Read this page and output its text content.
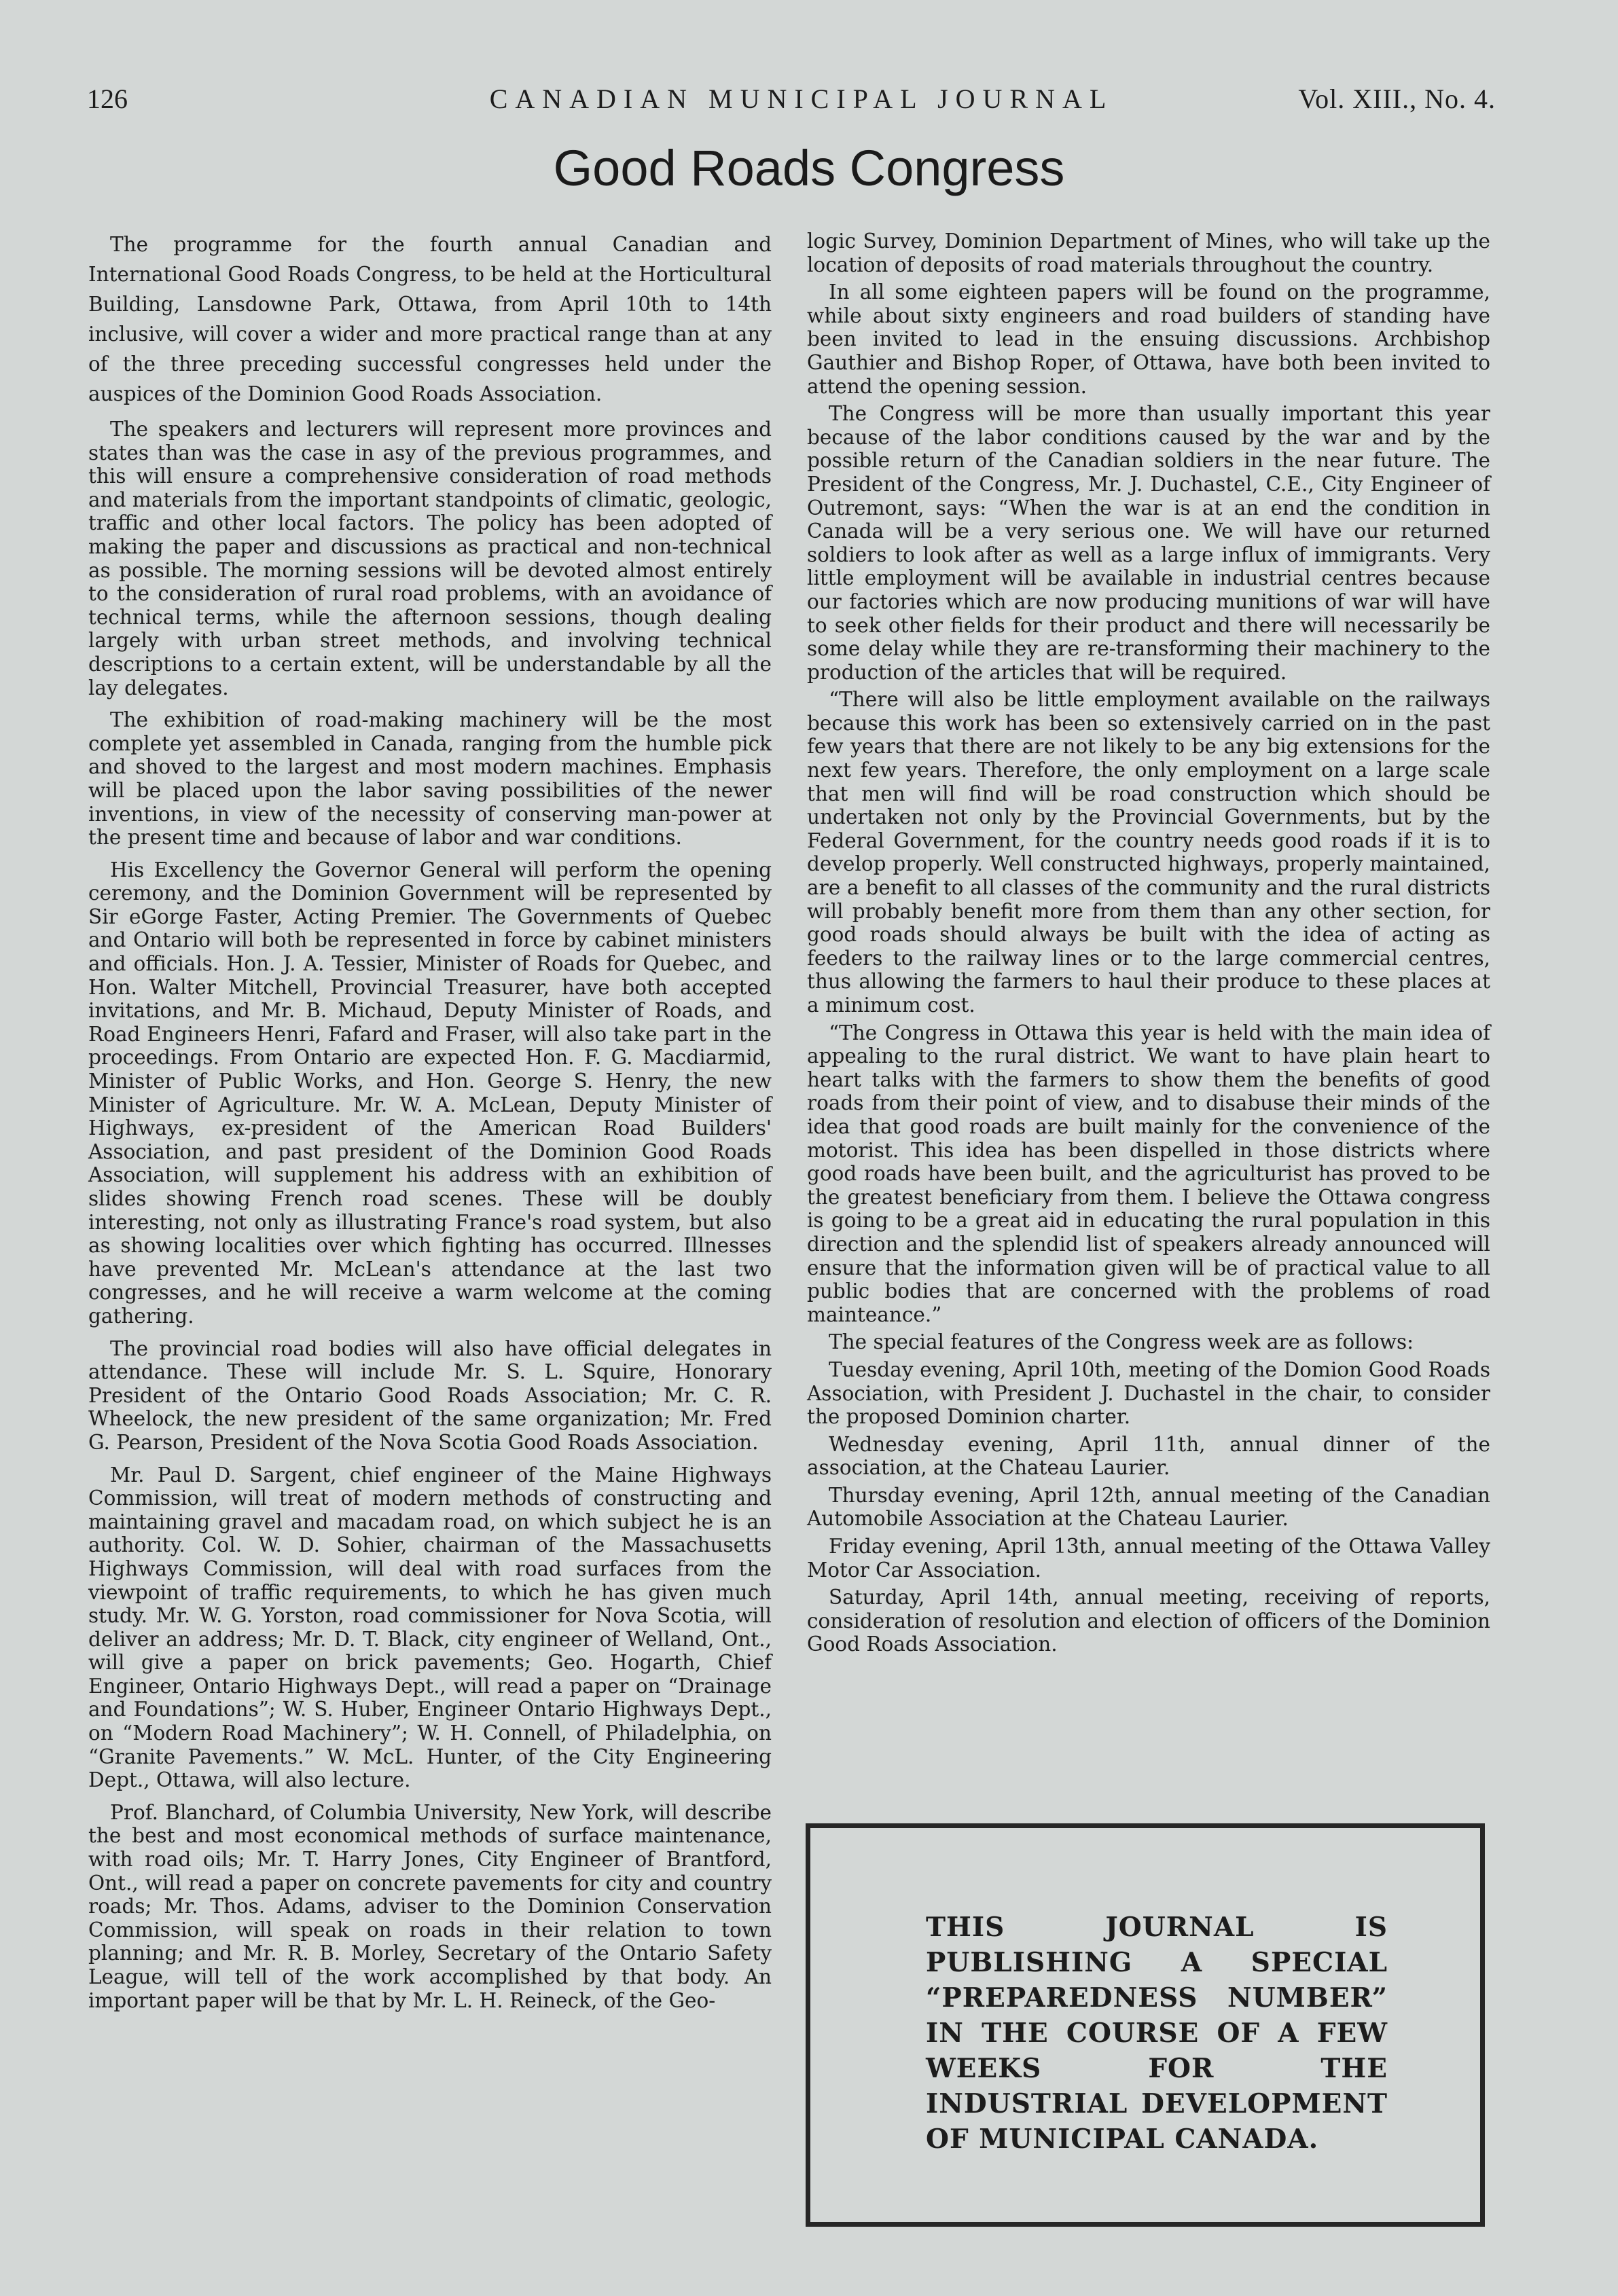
126	CANADIAN MUNICIPAL JOURNAL	Vol. XIII., No. 4.
Good Roads Congress

The programme for the fourth annual Canadian and International Good Roads Congress, to be held at the Horticultural Building, Lansdowne Park, Ottawa, from April 10th to 14th inclusive, will cover a wider and more practical range than at any of the three preceding successful congresses held under the auspices of the Dominion Good Roads Association.

The speakers and lecturers will represent more provinces and states than was the case in asy of the previous programmes, and this will ensure a comprehensive consideration of road methods and materials from the important standpoints of climatic, geologic, traffic and other local factors. The policy has been adopted of making the paper and discussions as practical and non-technical as possible. The morning sessions will be devoted almost entirely to the consideration of rural road problems, with an avoidance of technical terms, while the afternoon sessions, though dealing largely with urban street methods, and involving technical descriptions to a certain extent, will be understandable by all the lay delegates.

The exhibition of road-making machinery will be the most complete yet assembled in Canada, ranging from the humble pick and shoved to the largest and most modern machines. Emphasis will be placed upon the labor saving possibilities of the newer inventions, in view of the necessity of conserving man-power at the present time and because of labor and war conditions.

His Excellency the Governor General will perform the opening ceremony, and the Dominion Government will be represented by Sir eGorge Faster, Acting Premier. The Governments of Quebec and Ontario will both be represented in force by cabinet ministers and officials. Hon. J. A. Tessier, Minister of Roads for Quebec, and Hon. Walter Mitchell, Provincial Treasurer, have both accepted invitations, and Mr. B. Michaud, Deputy Minister of Roads, and Road Engineers Henri, Fafard and Fraser, will also take part in the proceedings. From Ontario are expected Hon. F. G. Macdiarmid, Minister of Public Works, and Hon. George S. Henry, the new Minister of Agriculture. Mr. W. A. McLean, Deputy Minister of Highways, ex-president of the American Road Builders' Association, and past president of the Dominion Good Roads Association, will supplement his address with an exhibition of slides showing French road scenes. These will be doubly interesting, not only as illustrating France's road system, but also as showing localities over which fighting has occurred. Illnesses have prevented Mr. McLean's attendance at the last two congresses, and he will receive a warm welcome at the coming gathering.

The provincial road bodies will also have official delegates in attendance. These will include Mr. S. L. Squire, Honorary President of the Ontario Good Roads Association; Mr. C. R. Wheelock, the new president of the same organization; Mr. Fred G. Pearson, President of the Nova Scotia Good Roads Association.

Mr. Paul D. Sargent, chief engineer of the Maine Highways Commission, will treat of modern methods of constructing and maintaining gravel and macadam road, on which subject he is an authority. Col. W. D. Sohier, chairman of the Massachusetts Highways Commission, will deal with road surfaces from the viewpoint of traffic requirements, to which he has given much study. Mr. W. G. Yorston, road commissioner for Nova Scotia, will deliver an address; Mr. D. T. Black, city engineer of Welland, Ont., will give a paper on brick pavements; Geo. Hogarth, Chief Engineer, Ontario Highways Dept., will read a paper on “Drainage and Foundations”; W. S. Huber, Engineer Ontario Highways Dept., on “Modern Road Machinery”; W. H. Connell, of Philadelphia, on “Granite Pavements.” W. McL. Hunter, of the City Engineering Dept., Ottawa, will also lecture.

Prof. Blanchard, of Columbia University, New York, will describe the best and most economical methods of surface maintenance, with road oils; Mr. T. Harry Jones, City Engineer of Brantford, Ont., will read a paper on concrete pavements for city and country roads; Mr. Thos. Adams, adviser to the Dominion Conservation Commission, will speak on roads in their relation to town planning; and Mr. R. B. Morley, Secretary of the Ontario Safety League, will tell of the work accomplished by that body. An important paper will be that by Mr. L. H. Reineck, of the Geo-

logic Survey, Dominion Department of Mines, who will take up the location of deposits of road materials throughout the country.

In all some eighteen papers will be found on the programme, while about sixty engineers and road builders of standing have been invited to lead in the ensuing discussions. Archbishop Gauthier and Bishop Roper, of Ottawa, have both been invited to attend the opening session.

The Congress will be more than usually important this year because of the labor conditions caused by the war and by the possible return of the Canadian soldiers in the near future. The President of the Congress, Mr. J. Duchastel, C.E., City Engineer of Outremont, says: “When the war is at an end the condition in Canada will be a very serious one. We will have our returned soldiers to look after as well as a large influx of immigrants. Very little employment will be available in industrial centres because our factories which are now producing munitions of war will have to seek other fields for their product and there will necessarily be some delay while they are re-transforming their machinery to the production of the articles that will be required.

“There will also be little employment available on the railways because this work has been so extensively carried on in the past few years that there are not likely to be any big extensions for the next few years. Therefore, the only employment on a large scale that men will find will be road construction which should be undertaken not only by the Provincial Governments, but by the Federal Government, for the country needs good roads if it is to develop properly. Well constructed highways, properly maintained, are a benefit to all classes of the community and the rural districts will probably benefit more from them than any other section, for good roads should always be built with the idea of acting as feeders to the railway lines or to the large commercial centres, thus allowing the farmers to haul their produce to these places at a minimum cost.

“The Congress in Ottawa this year is held with the main idea of appealing to the rural district. We want to have plain heart to heart talks with the farmers to show them the benefits of good roads from their point of view, and to disabuse their minds of the idea that good roads are built mainly for the convenience of the motorist. This idea has been dispelled in those districts where good roads have been built, and the agriculturist has proved to be the greatest beneficiary from them. I believe the Ottawa congress is going to be a great aid in educating the rural population in this direction and the splendid list of speakers already announced will ensure that the information given will be of practical value to all public bodies that are concerned with the problems of road mainteance.”

The special features of the Congress week are as follows:

Tuesday evening, April 10th, meeting of the Domion Good Roads Association, with President J. Duchastel in the chair, to consider the proposed Dominion charter.

Wednesday evening, April 11th, annual dinner of the association, at the Chateau Laurier.

Thursday evening, April 12th, annual meeting of the Canadian Automobile Association at the Chateau Laurier.

Friday evening, April 13th, annual meeting of the Ottawa Valley Motor Car Association.

Saturday, April 14th, annual meeting, receiving of reports, consideration of resolution and election of officers of the Dominion Good Roads Association.

THIS JOURNAL IS PUBLISHING A SPECIAL “PREPAREDNESS NUMBER” IN THE COURSE OF A FEW WEEKS FOR THE INDUSTRIAL DEVELOPMENT OF MUNICIPAL CANADA.
